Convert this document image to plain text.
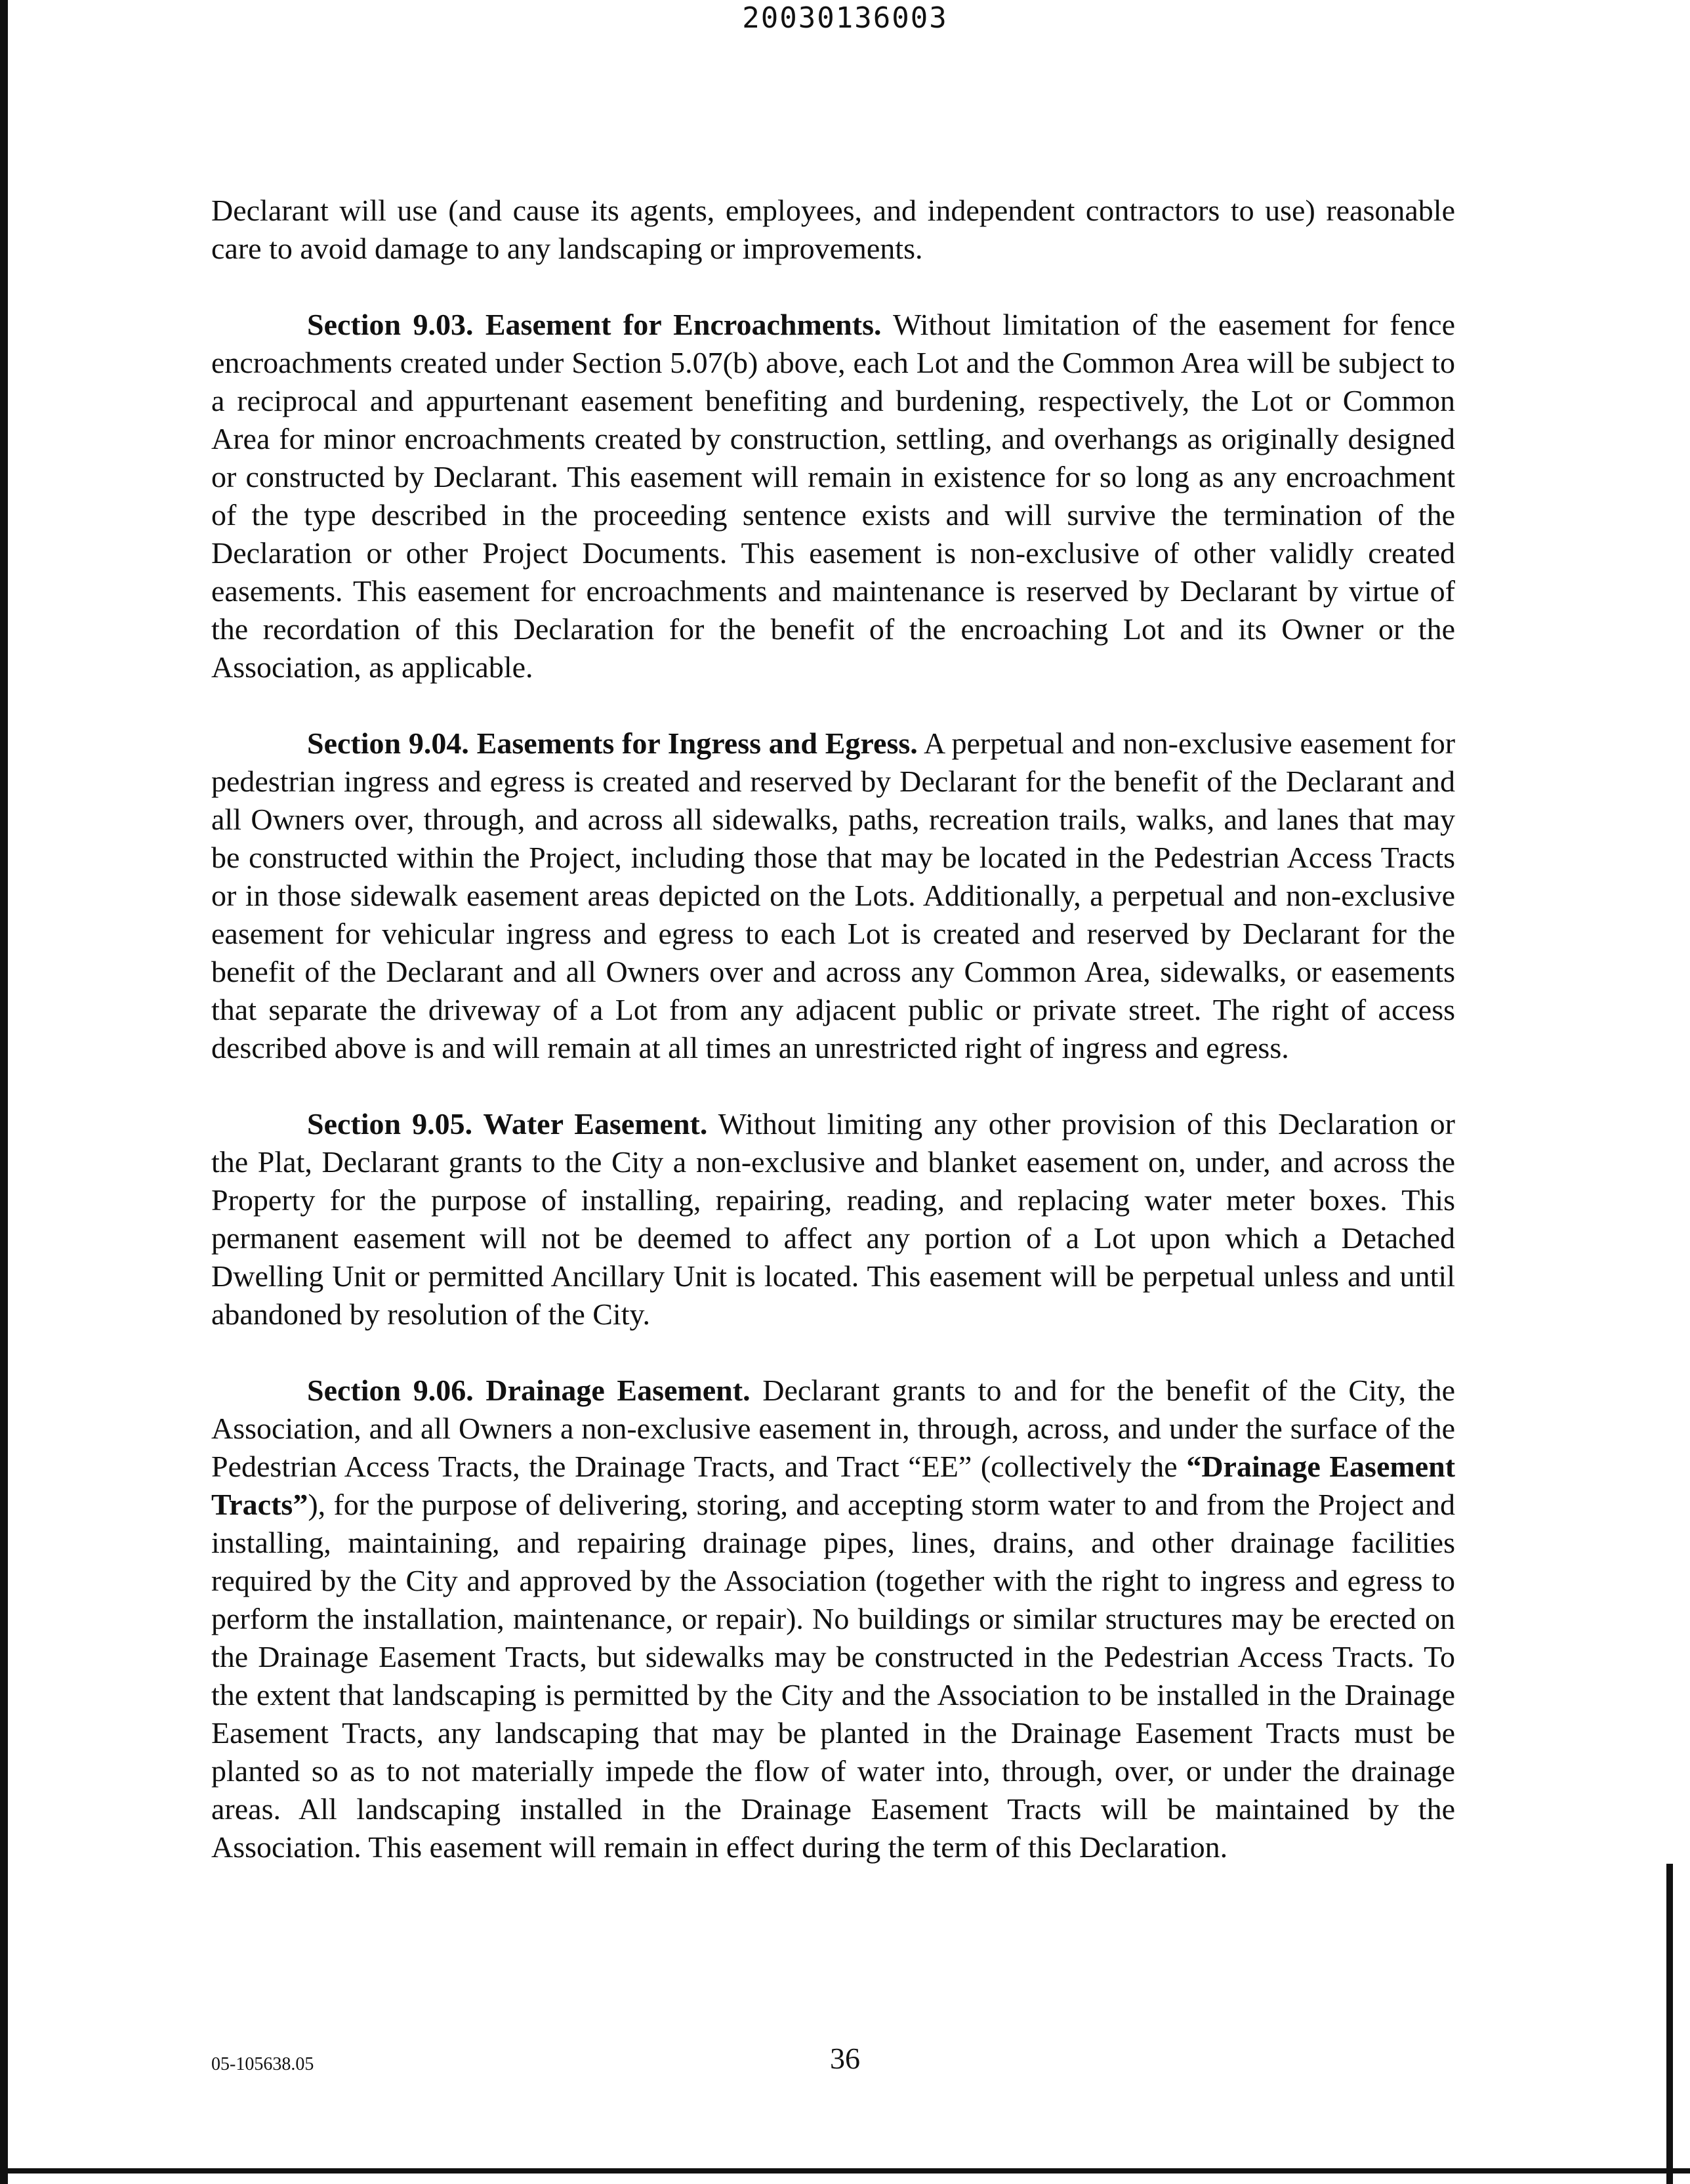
20030136003

Declarant will use (and cause its agents, employees, and independent contractors to use) reasonable care to avoid damage to any landscaping or improvements.

Section 9.03. Easement for Encroachments. Without limitation of the easement for fence encroachments created under Section 5.07(b) above, each Lot and the Common Area will be subject to a reciprocal and appurtenant easement benefiting and burdening, respectively, the Lot or Common Area for minor encroachments created by construction, settling, and overhangs as originally designed or constructed by Declarant. This easement will remain in existence for so long as any encroachment of the type described in the proceeding sentence exists and will survive the termination of the Declaration or other Project Documents. This easement is non-exclusive of other validly created easements. This easement for encroachments and maintenance is reserved by Declarant by virtue of the recordation of this Declaration for the benefit of the encroaching Lot and its Owner or the Association, as applicable.

Section 9.04. Easements for Ingress and Egress. A perpetual and non-exclusive easement for pedestrian ingress and egress is created and reserved by Declarant for the benefit of the Declarant and all Owners over, through, and across all sidewalks, paths, recreation trails, walks, and lanes that may be constructed within the Project, including those that may be located in the Pedestrian Access Tracts or in those sidewalk easement areas depicted on the Lots. Additionally, a perpetual and non-exclusive easement for vehicular ingress and egress to each Lot is created and reserved by Declarant for the benefit of the Declarant and all Owners over and across any Common Area, sidewalks, or easements that separate the driveway of a Lot from any adjacent public or private street. The right of access described above is and will remain at all times an unrestricted right of ingress and egress.

Section 9.05. Water Easement. Without limiting any other provision of this Declaration or the Plat, Declarant grants to the City a non-exclusive and blanket easement on, under, and across the Property for the purpose of installing, repairing, reading, and replacing water meter boxes. This permanent easement will not be deemed to affect any portion of a Lot upon which a Detached Dwelling Unit or permitted Ancillary Unit is located. This easement will be perpetual unless and until abandoned by resolution of the City.

Section 9.06. Drainage Easement. Declarant grants to and for the benefit of the City, the Association, and all Owners a non-exclusive easement in, through, across, and under the surface of the Pedestrian Access Tracts, the Drainage Tracts, and Tract “EE” (collectively the “Drainage Easement Tracts”), for the purpose of delivering, storing, and accepting storm water to and from the Project and installing, maintaining, and repairing drainage pipes, lines, drains, and other drainage facilities required by the City and approved by the Association (together with the right to ingress and egress to perform the installation, maintenance, or repair). No buildings or similar structures may be erected on the Drainage Easement Tracts, but sidewalks may be constructed in the Pedestrian Access Tracts. To the extent that landscaping is permitted by the City and the Association to be installed in the Drainage Easement Tracts, any landscaping that may be planted in the Drainage Easement Tracts must be planted so as to not materially impede the flow of water into, through, over, or under the drainage areas. All landscaping installed in the Drainage Easement Tracts will be maintained by the Association. This easement will remain in effect during the term of this Declaration.

05-105638.05	36
